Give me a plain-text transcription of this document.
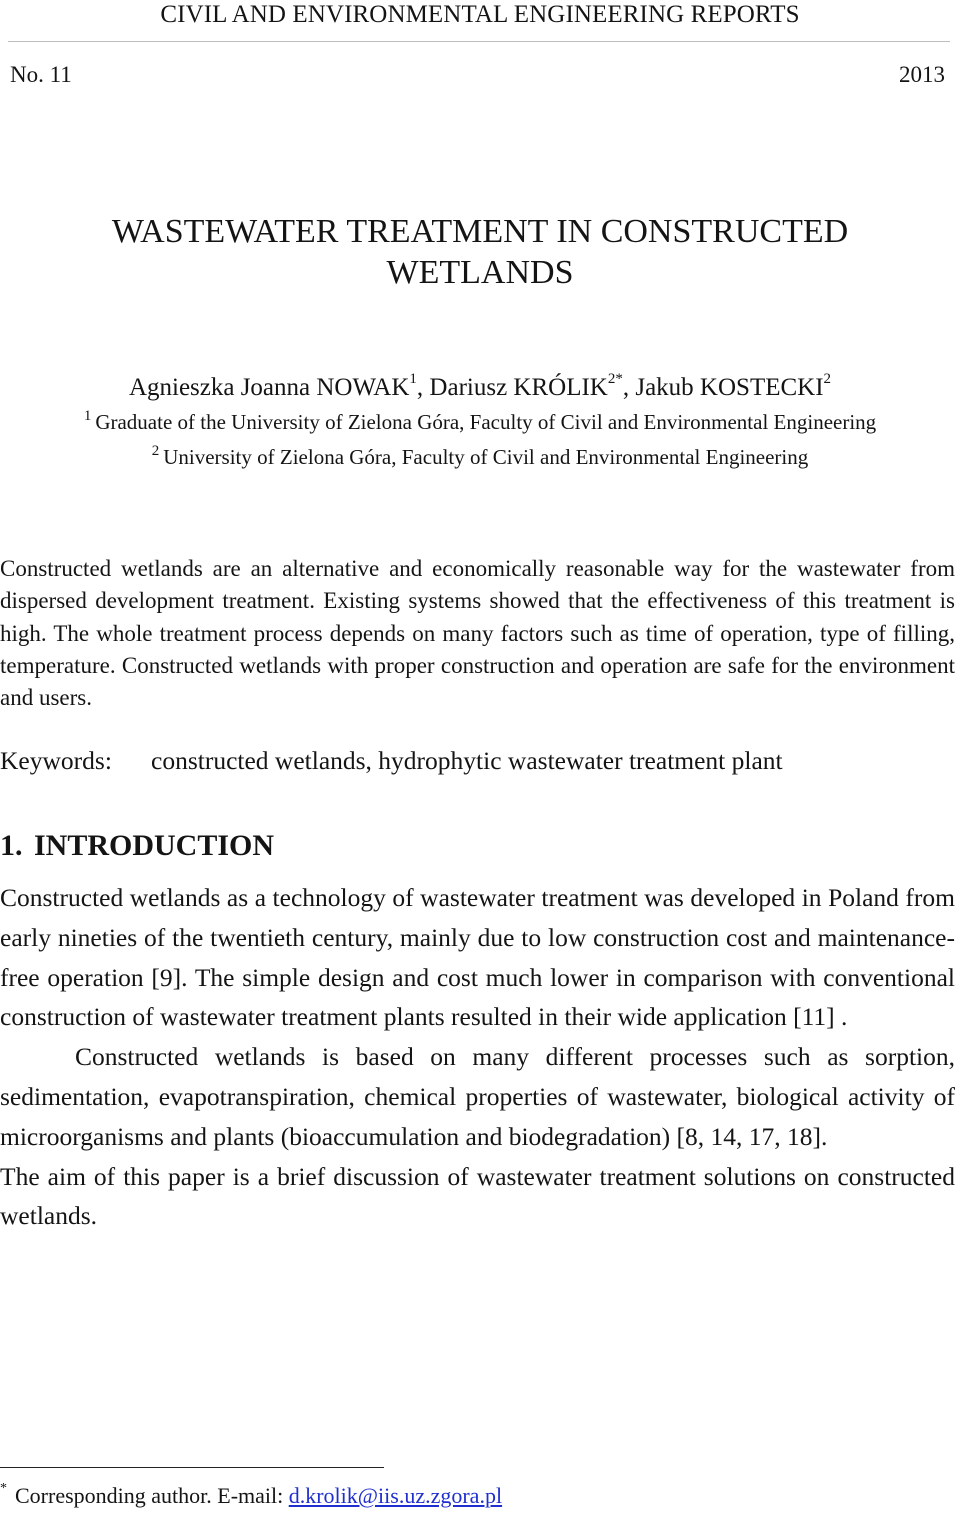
CIVIL AND ENVIRONMENTAL ENGINEERING REPORTS
No. 11	2013
WASTEWATER TREATMENT IN CONSTRUCTED
WETLANDS
Agnieszka Joanna NOWAK$^1$, Dariusz $KRÓLIK^{2*}$, Jakub KOSTECKI$^2$
$^1$ Graduate of the University of Zielona Góra, Faculty of Civil and Environmental Engineering
$^2$ University of Zielona Góra, Faculty of Civil and Environmental Engineering

Constructed wetlands are an alternative and economically reasonable way for the wastewater from dispersed development treatment. Existing systems showed that the effectiveness of this treatment is high. The whole treatment process depends on many factors such as time of operation, type of filling, temperature. Constructed wetlands with proper construction and operation are safe for the environment and users.

Keywords: constructed wetlands, hydrophytic wastewater treatment plant

1. INTRODUCTION

Constructed wetlands as a technology of wastewater treatment was developed in Poland from early nineties of the twentieth century, mainly due to low construction cost and maintenance-free operation [9]. The simple design and cost much lower in comparison with conventional construction of wastewater treatment plants resulted in their wide application [11] .

Constructed wetlands is based on many different processes such as sorption, sedimentation, evapotranspiration, chemical properties of wastewater, biological activity of microorganisms and plants (bioaccumulation and biodegradation) [8, 14, 17, 18].

The aim of this paper is a brief discussion of wastewater treatment solutions on constructed wetlands.

* Corresponding author. E-mail: d.krolik@iis.uz.zgora.pl
